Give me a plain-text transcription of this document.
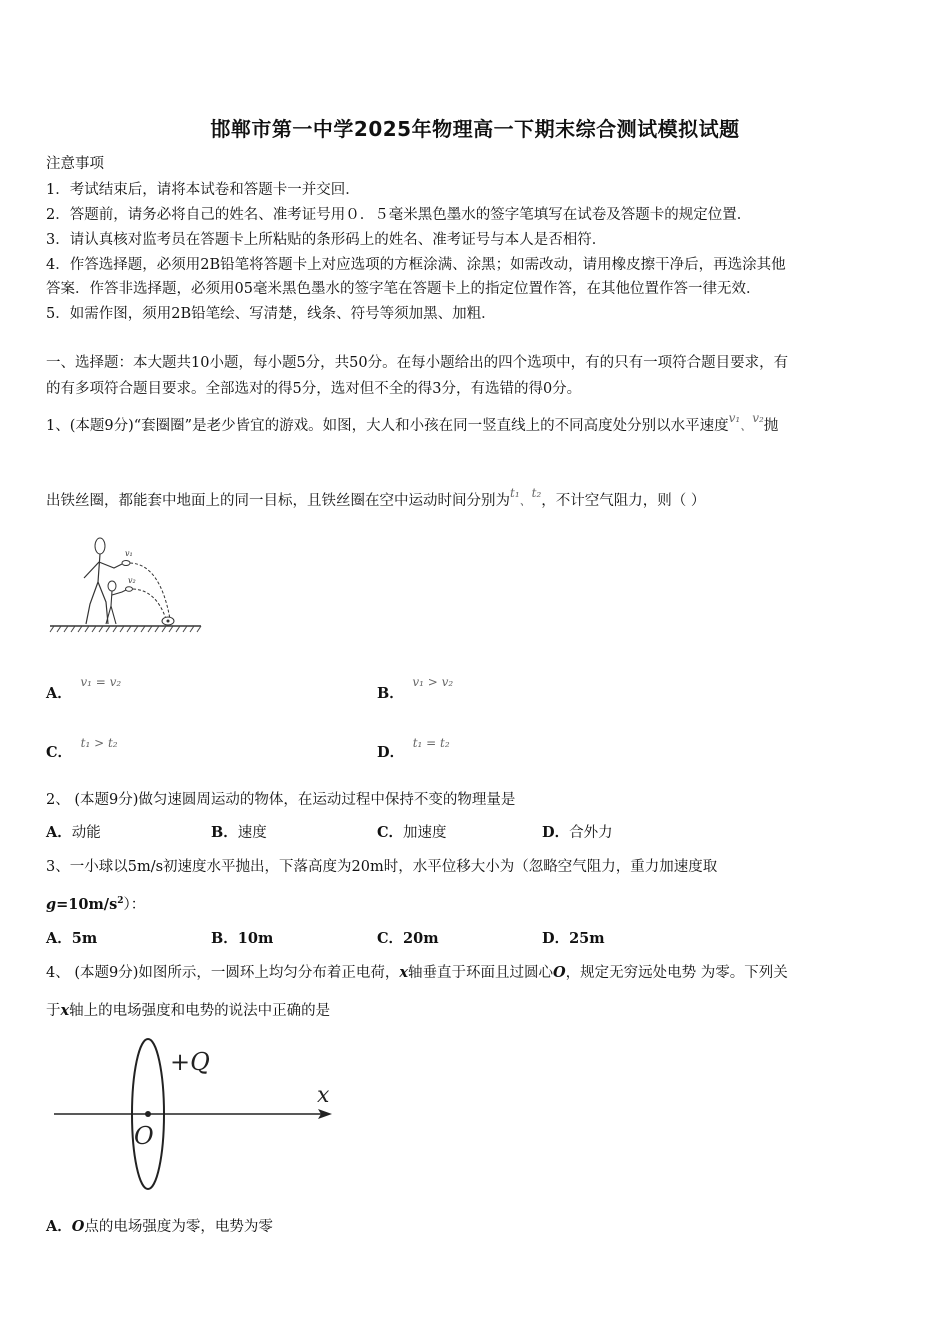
邯郸市第一中学2025年物理高一下期末综合测试模拟试题
注意事项
1．考试结束后，请将本试卷和答题卡一并交回．
2．答题前，请务必将自己的姓名、准考证号用０．５毫米黑色墨水的签字笔填写在试卷及答题卡的规定位置．
3．请认真核对监考员在答题卡上所粘贴的条形码上的姓名、准考证号与本人是否相符．
4．作答选择题，必须用2B铅笔将答题卡上对应选项的方框涂满、涂黑；如需改动，请用橡皮擦干净后，再选涂其他
答案．作答非选择题，必须用05毫米黑色墨水的签字笔在答题卡上的指定位置作答，在其他位置作答一律无效．
5．如需作图，须用2B铅笔绘、写清楚，线条、符号等须加黑、加粗．
一、选择题：本大题共10小题，每小题5分，共50分。在每小题给出的四个选项中，有的只有一项符合题目要求，有
的有多项符合题目要求。全部选对的得5分，选对但不全的得3分，有选错的得0分。
1、(本题9分)“套圈圈”是老少皆宜的游戏。如图，大人和小孩在同一竖直线上的不同高度处分别以水平速度$^{v_1}$、$^{v_2}$抛
出铁丝圈，都能套中地面上的同一目标，且铁丝圈在空中运动时间分别为$^{t_1}$、$^{t_2}$，不计空气阻力，则（ ）
v₁
v₂
A． $^{v_1 = v_2}$
B． $^{v_1 > v_2}$
C． $^{t_1 > t_2}$
D． $^{t_1 = t_2}$
2、 (本题9分)做匀速圆周运动的物体，在运动过程中保持不变的物理量是
A．动能	B．速度	C．加速度	D．合外力
3、一小球以5m/s初速度水平抛出，下落高度为20m时，水平位移大小为（忽略空气阻力，重力加速度取
$g=10m/s^2$）：
A．5m	B．10m	C．20m	D．25m
4、 (本题9分)如图所示，一圆环上均匀分布着正电荷，x轴垂直于环面且过圆心O，规定无穷远处电势 为零。下列关
于x轴上的电场强度和电势的说法中正确的是
+Q
x
O
A．O点的电场强度为零，电势为零
